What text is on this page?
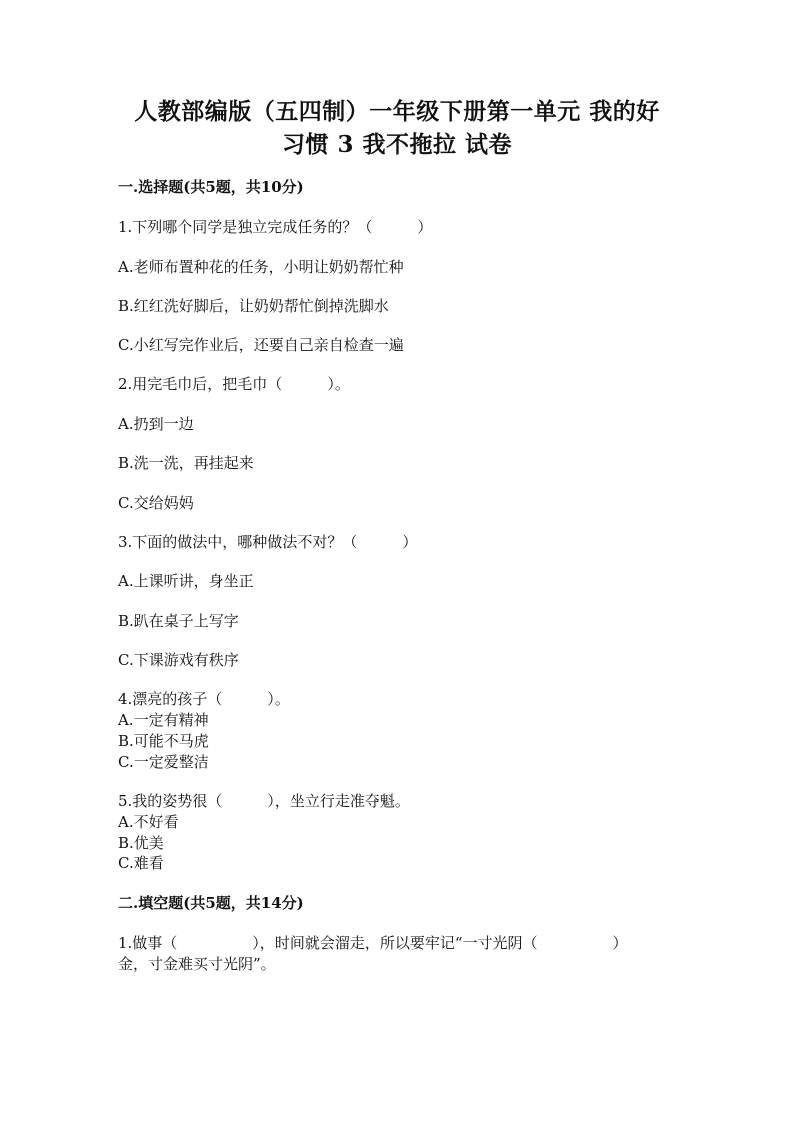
人教部编版（五四制）一年级下册第一单元 我的好
习惯 3 我不拖拉 试卷
一.选择题(共5题，共10分)
1.下列哪个同学是独立完成任务的？（　　　）
A.老师布置种花的任务，小明让奶奶帮忙种
B.红红洗好脚后，让奶奶帮忙倒掉洗脚水
C.小红写完作业后，还要自己亲自检查一遍
2.用完毛巾后，把毛巾（　　　）。
A.扔到一边
B.洗一洗，再挂起来
C.交给妈妈
3.下面的做法中，哪种做法不对？（　　　）
A.上课听讲，身坐正
B.趴在桌子上写字
C.下课游戏有秩序
4.漂亮的孩子（　　　）。
A.一定有精神
B.可能不马虎
C.一定爱整洁
5.我的姿势很（　　　），坐立行走准夺魁。
A.不好看
B.优美
C.难看
二.填空题(共5题，共14分)
1.做事（　　　　　），时间就会溜走，所以要牢记“一寸光阴（　　　　　）
金，寸金难买寸光阴”。
